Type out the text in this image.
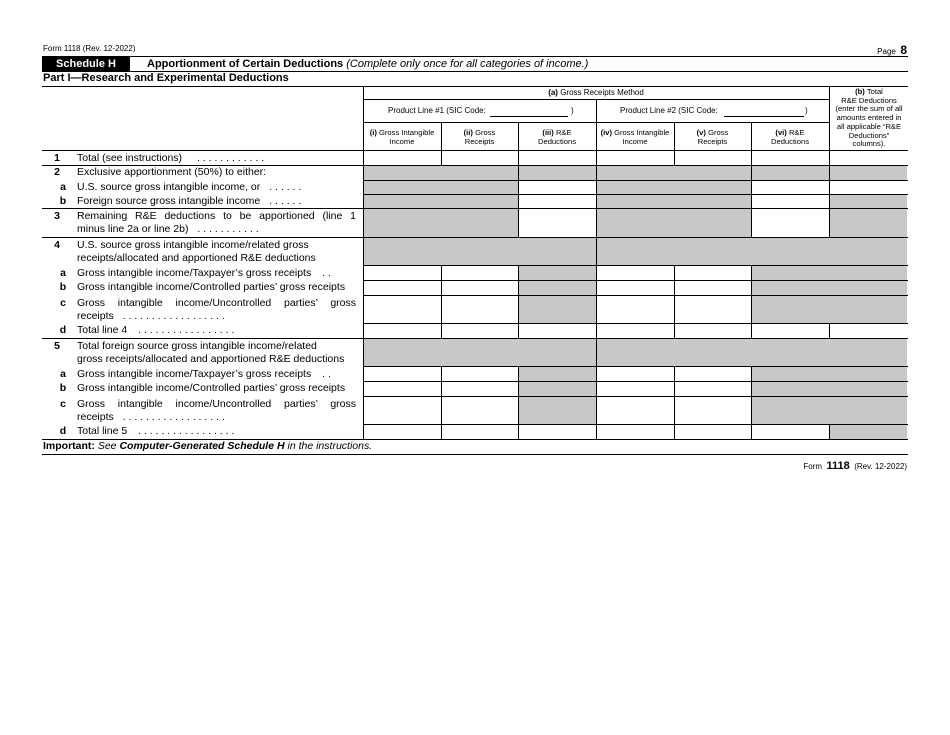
Form 1118 (Rev. 12-2022)	Page 8
Schedule H	Apportionment of Certain Deductions (Complete only once for all categories of income.)
Part I—Research and Experimental Deductions
(a) Gross Receipts Method
Product Line #1 (SIC Code:	)	Product Line #2 (SIC Code:	)
(b) Total
R&E Deductions
(enter the sum of all
amounts entered in
all applicable “R&E
Deductions”
columns).
(i) Gross Intangible
Income
(ii) Gross
Receipts
(iii) R&E
Deductions
(iv) Gross Intangible
Income
(v) Gross
Receipts
(vi) R&E
Deductions
1	Total (see instructions) . . . . . . . . . . . .
2	Exclusive apportionment (50%) to either:
a	U.S. source gross intangible income, or . . . . . .
b	Foreign source gross intangible income . . . . . .
3	Remaining R&E deductions to be apportioned (line 1
minus line 2a or line 2b) . . . . . . . . . . .
4	U.S. source gross intangible income/related gross
receipts/allocated and apportioned R&E deductions
a	Gross intangible income/Taxpayer’s gross receipts . .
b	Gross intangible income/Controlled parties’ gross receipts
c	Gross intangible income/Uncontrolled parties’ gross
receipts . . . . . . . . . . . . . . . . . .
d	Total line 4 . . . . . . . . . . . . . . . . .
5	Total foreign source gross intangible income/related
gross receipts/allocated and apportioned R&E deductions
a	Gross intangible income/Taxpayer’s gross receipts . .
b	Gross intangible income/Controlled parties’ gross receipts
c	Gross intangible income/Uncontrolled parties’ gross
receipts . . . . . . . . . . . . . . . . . .
d	Total line 5 . . . . . . . . . . . . . . . . .
Important: See Computer-Generated Schedule H in the instructions.
Form 1118 (Rev. 12-2022)
